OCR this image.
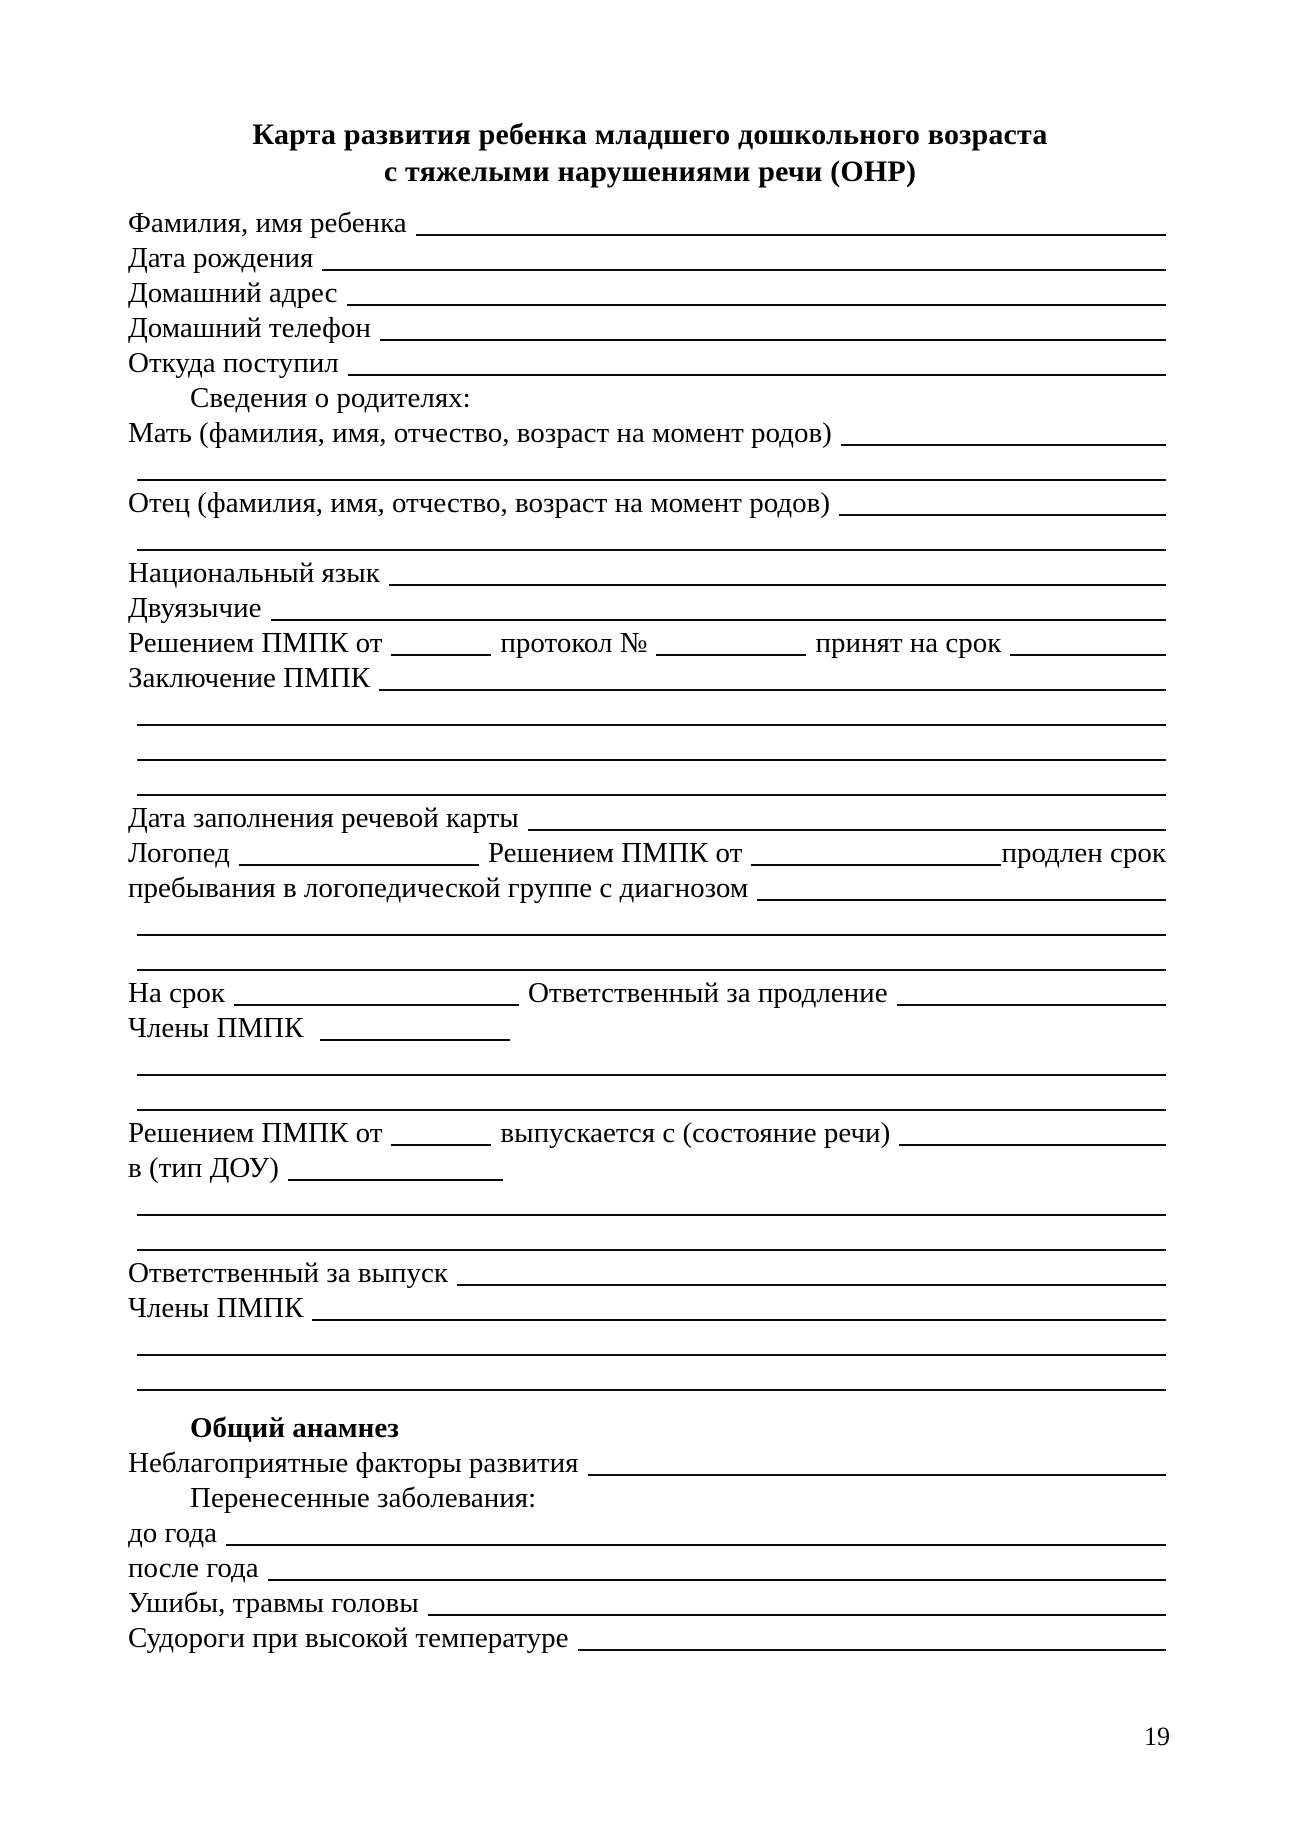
Карта развития ребенка младшего дошкольного возраста
с тяжелыми нарушениями речи (ОНР)
Фамилия, имя ребенка
Дата рождения
Домашний адрес
Домашний телефон
Откуда поступил
Сведения о родителях:
Мать (фамилия, имя, отчество, возраст на момент родов)
Отец (фамилия, имя, отчество, возраст на момент родов)
Национальный язык
Двуязычие
Решением ПМПК от	протокол №	принят на срок
Заключение ПМПК
Дата заполнения речевой карты
Логопед	Решением ПМПК от	продлен срок
пребывания в логопедической группе с диагнозом
На срок	Ответственный за продление
Члены ПМПК
Решением ПМПК от	выпускается с (состояние речи)
в (тип ДОУ)
Ответственный за выпуск
Члены ПМПК
Общий анамнез
Неблагоприятные факторы развития
Перенесенные заболевания:
до года
после года
Ушибы, травмы головы
Судороги при высокой температуре
19
